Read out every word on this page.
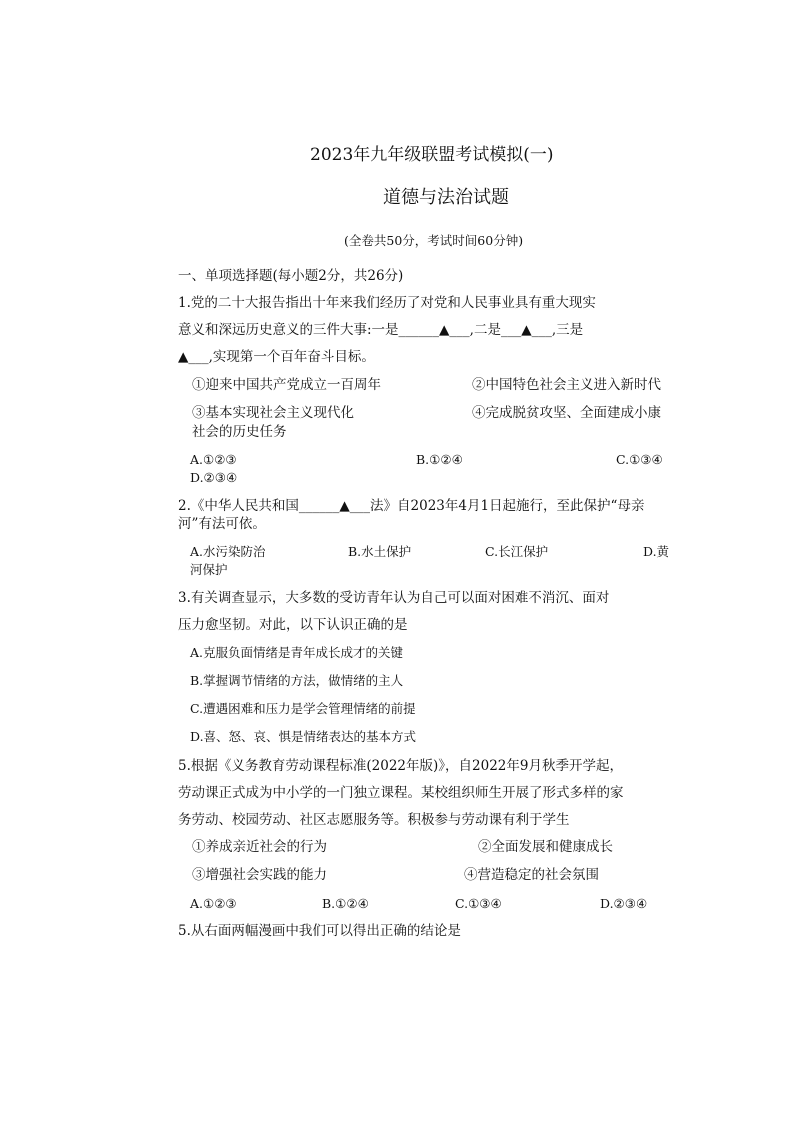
2023年九年级联盟考试模拟(一)
道德与法治试题
(全卷共50分，考试时间60分钟)
一、单项选择题(每小题2分，共26分)
1.党的二十大报告指出十年来我们经历了对党和人民事业具有重大现实
意义和深远历史意义的三件大事:一是______▲___,二是___▲___,三是
▲___,实现第一个百年奋斗目标。
①迎来中国共产党成立一百周年	②中国特色社会主义进入新时代
③基本实现社会主义现代化	④完成脱贫攻坚、全面建成小康
社会的历史任务
A.①②③	B.①②④	C.①③④
D.②③④
2.《中华人民共和国______▲___法》自2023年4月1日起施行，至此保护“母亲
河”有法可依。
A.水污染防治	B.水土保护	C.长江保护	D.黄
河保护
3.有关调查显示，大多数的受访青年认为自己可以面对困难不消沉、面对
压力愈坚韧。对此，以下认识正确的是
A.克服负面情绪是青年成长成才的关键
B.掌握调节情绪的方法，做情绪的主人
C.遭遇困难和压力是学会管理情绪的前提
D.喜、怒、哀、惧是情绪表达的基本方式
5.根据《义务教育劳动课程标准(2022年版)》，自2022年9月秋季开学起，
劳动课正式成为中小学的一门独立课程。某校组织师生开展了形式多样的家
务劳动、校园劳动、社区志愿服务等。积极参与劳动课有利于学生
①养成亲近社会的行为	②全面发展和健康成长
③增强社会实践的能力	④营造稳定的社会氛围
A.①②③	B.①②④	C.①③④	D.②③④
5.从右面两幅漫画中我们可以得出正确的结论是
